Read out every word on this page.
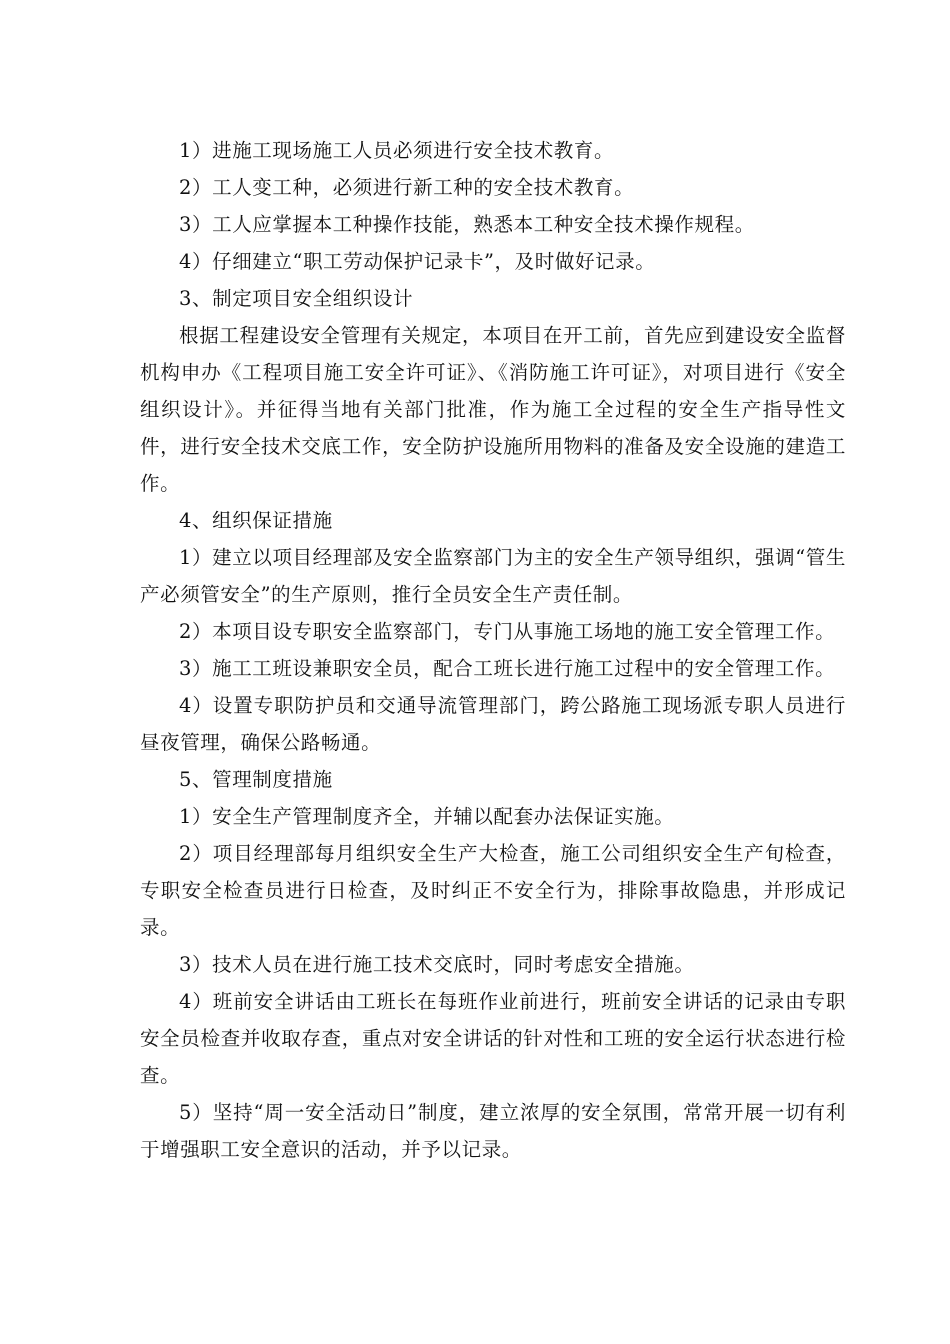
1）进施工现场施工人员必须进行安全技术教育。

2）工人变工种，必须进行新工种的安全技术教育。

3）工人应掌握本工种操作技能，熟悉本工种安全技术操作规程。

4）仔细建立“职工劳动保护记录卡”，及时做好记录。

3、制定项目安全组织设计

根据工程建设安全管理有关规定，本项目在开工前，首先应到建设安全监督机构申办《工程项目施工安全许可证》、《消防施工许可证》，对项目进行《安全组织设计》。并征得当地有关部门批准，作为施工全过程的安全生产指导性文件，进行安全技术交底工作，安全防护设施所用物料的准备及安全设施的建造工作。

4、组织保证措施

1）建立以项目经理部及安全监察部门为主的安全生产领导组织，强调“管生产必须管安全”的生产原则，推行全员安全生产责任制。

2）本项目设专职安全监察部门，专门从事施工场地的施工安全管理工作。

3）施工工班设兼职安全员，配合工班长进行施工过程中的安全管理工作。

4）设置专职防护员和交通导流管理部门，跨公路施工现场派专职人员进行昼夜管理，确保公路畅通。

5、管理制度措施

1）安全生产管理制度齐全，并辅以配套办法保证实施。

2）项目经理部每月组织安全生产大检查，施工公司组织安全生产旬检查，专职安全检查员进行日检查，及时纠正不安全行为，排除事故隐患，并形成记录。

3）技术人员在进行施工技术交底时，同时考虑安全措施。

4）班前安全讲话由工班长在每班作业前进行，班前安全讲话的记录由专职安全员检查并收取存查，重点对安全讲话的针对性和工班的安全运行状态进行检查。

5）坚持“周一安全活动日”制度，建立浓厚的安全氛围，常常开展一切有利于增强职工安全意识的活动，并予以记录。
